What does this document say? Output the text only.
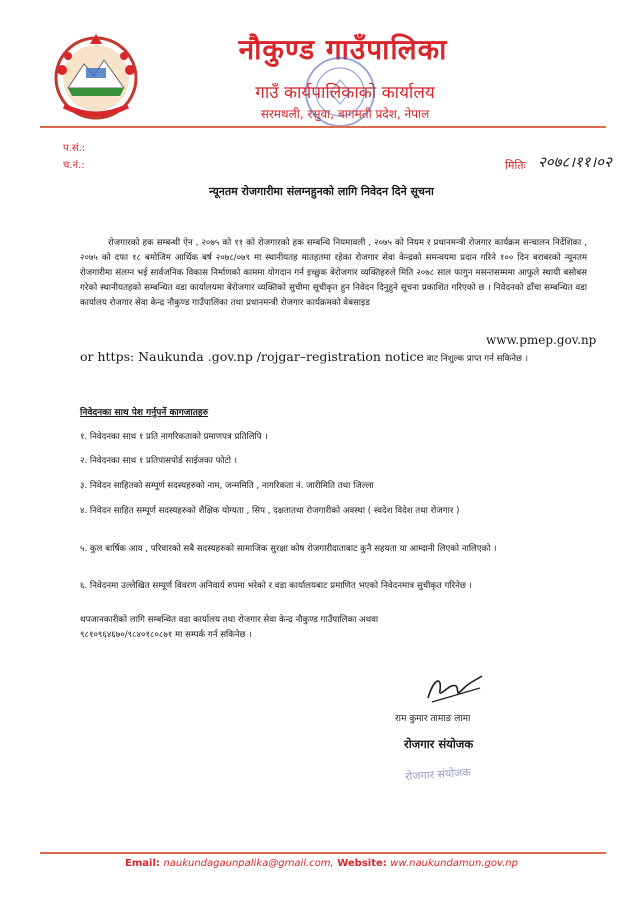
नौकुण्ड गाउँपालिका
गाउँ कार्यपालिकाको कार्यालय
सरमथली, रसुवा, बागमती प्रदेश, नेपाल
प.सं.:
च.नं.:	मितिः २०७८।११।०२
न्यूनतम रोजगारीमा संलग्नहुनको लागि निवेदन दिने सूचना
रोजगारको हक सम्बन्धी ऐन , २०७५ को ११ को रोजगारको हक सम्बन्धि नियमावली , २०७५ को नियम र प्रधानमन्त्री रोजगार कार्यक्रम सन्चालन निर्देशिका , २०७५ को दफा १८ बमोजिम आर्थिक बर्ष २०७८/०७९ मा स्थानीयतह मातहतमा रहेका रोजगार सेवा केन्द्रको समन्वयमा प्रदान गरिने १०० दिन बराबरको न्यूनतम रोजगारीमा संलग्न भई सार्वजनिक विकास निर्माणको काममा योगदान गर्न इच्छुक बेरोजगार व्यक्तिहरुले मिति २०७८ साल फागुन मसन्तसम्ममा आफुले स्थायी बसोबस गरेको स्थानीयतहको सम्बन्धित वडा कार्यालयमा बेरोजगार व्यक्तिको सुचीमा सूचीकृत हुन निवेदन दिनुहुने सूचना प्रकाशित गरिएको छ । निवेदनको ढाँचा सम्बन्धित वडा कार्यालय रोजगार सेवा केन्द्र नौकुण्ड गाउँपालिका तथा प्रधानमन्त्री रोजगार कार्यक्रमको वेबसाइड
www.pmep.gov.np
or https: Naukunda .gov.np /rojgar–registration notice बाट निशुल्क प्राप्त गर्न सकिनेछ ।
निवेदनका साथ पेश गर्नुपर्ने कागजातहरु
१. निवेदनका साथ १ प्रति नागरिकताको प्रमाणपत्र प्रतिलिपि ।
२. निवेदनका साथ १ प्रतिपासपोर्ड साईजका फोटो ।
३. निवेदन साहितको सम्पूर्ण सदस्यहरुको नाम, जन्ममिति , नागरिकता नं. जारीमिति तथा जिल्ला
४. निवेदन साहित सम्पूर्ण सदस्यहरुको शैक्षिक योग्यता , सिप , दक्षतातथा रोजगारीको अवस्था ( स्वदेश विदेश तथा रोजगार )
५. कुल बार्षिक आय , परिवारको सबै सदस्यहरुको सामाजिक सुरक्षा कोष रोजगारीदाताबाट कुनै सहयता या आम्दानी लिएको नालिएको ।
६. निवेदनमा उल्लेखित सम्पूर्ण विवरण अनिवार्य रुपमा भरेको र वडा कार्यालयबाट प्रमाणित भएको निवेदनमात्र सुचीकृत गरिनेछ ।
थपजानकारीको लागि सम्बन्धित वडा कार्यालय तथा रोजगार सेवा केन्द्र नौकुण्ड गाउँपालिका अथवा
९८१०९६४६७०/९८४०१८०८७१ मा सम्पर्क गर्न सकिनेछ ।
राम कुमार तामाङ लामा
रोजगार संयोजक
रोजगार संयोजक
Email: naukundagaunpalika@gmail.com, Website: ww.naukundamun.gov.np
